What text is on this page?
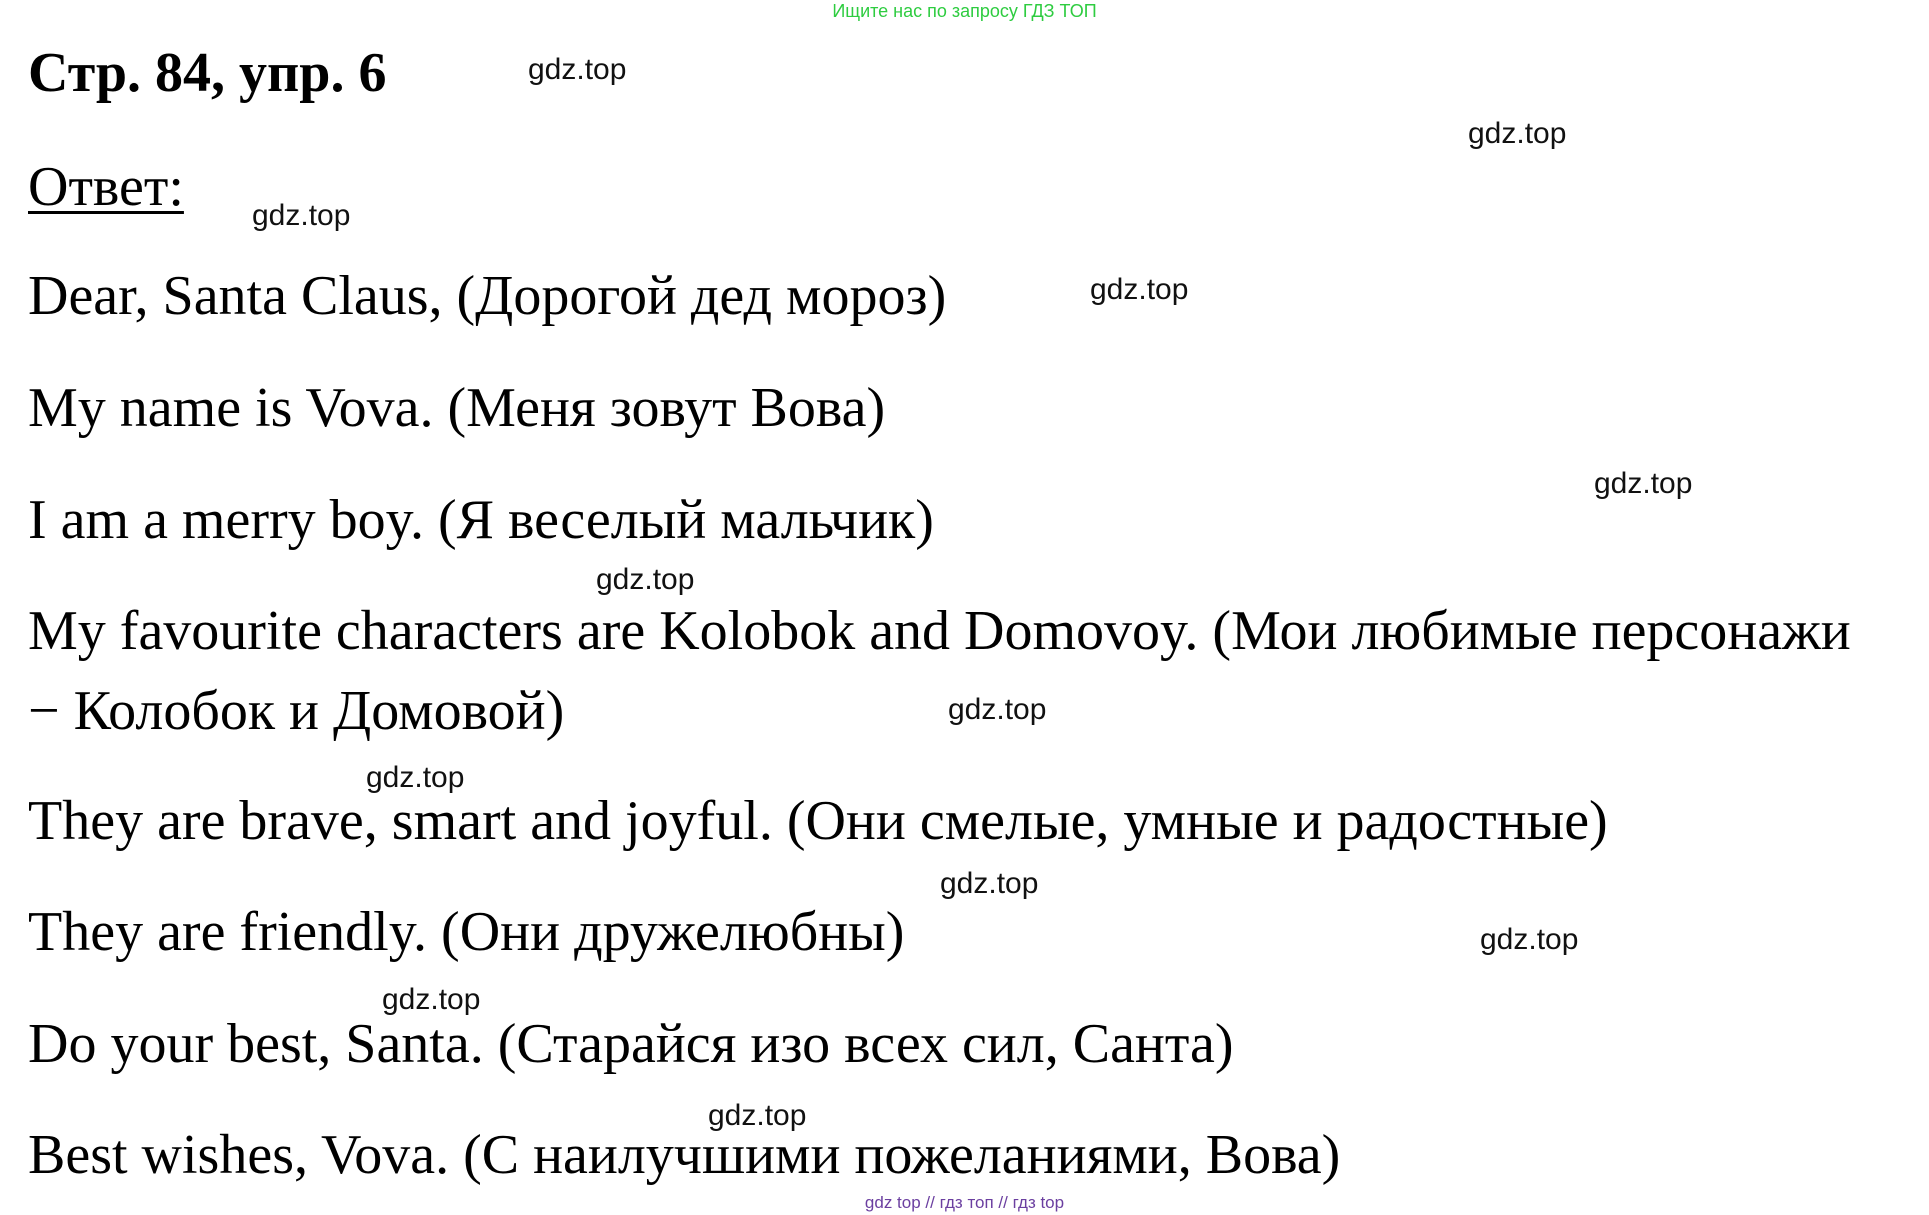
Ищите нас по запросу ГДЗ ТОП
Стр. 84, упр. 6
Ответ:
Dear, Santa Claus, (Дорогой дед мороз)
My name is Vova. (Меня зовут Вова)
I am a merry boy. (Я веселый мальчик)
My favourite characters are Kolobok and Domovoy. (Мои любимые персонажи
− Колобок и Домовой)
They are brave, smart and joyful. (Они смелые, умные и радостные)
They are friendly. (Они дружелюбны)
Do your best, Santa. (Старайся изо всех сил, Санта)
Best wishes, Vova. (С наилучшими пожеланиями, Вова)
gdz.top
gdz.top
gdz.top
gdz.top
gdz.top
gdz.top
gdz.top
gdz.top
gdz.top
gdz.top
gdz.top
gdz.top
gdz top // гдз топ // гдз top
